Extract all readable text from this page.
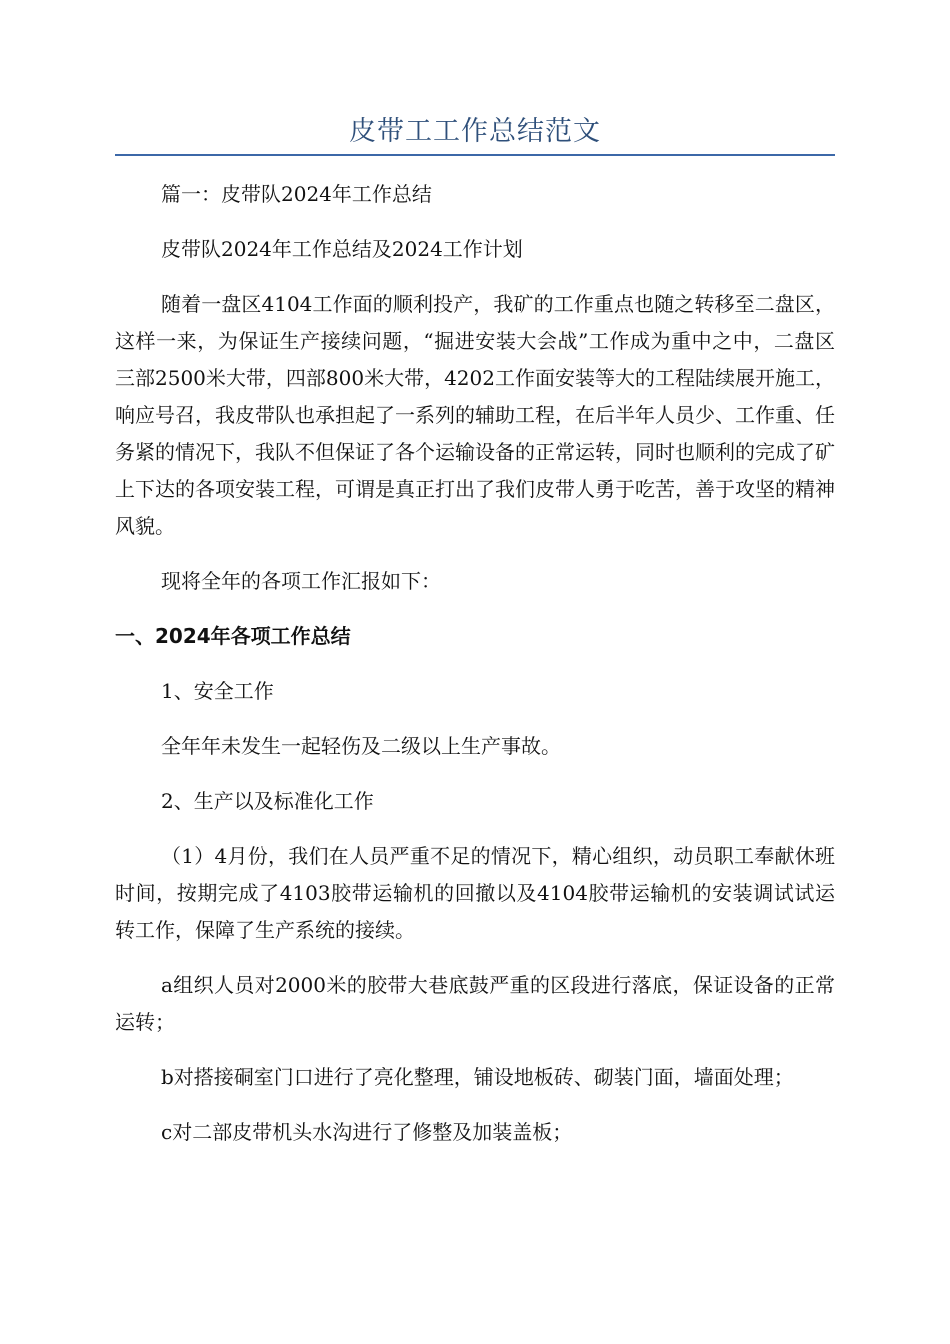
皮带工工作总结范文

篇一：皮带队2024年工作总结

皮带队2024年工作总结及2024工作计划

随着一盘区4104工作面的顺利投产，我矿的工作重点也随之转移至二盘区，这样一来，为保证生产接续问题，“掘进安装大会战”工作成为重中之中，二盘区三部2500米大带，四部800米大带，4202工作面安装等大的工程陆续展开施工，响应号召，我皮带队也承担起了一系列的辅助工程，在后半年人员少、工作重、任务紧的情况下，我队不但保证了各个运输设备的正常运转，同时也顺利的完成了矿上下达的各项安装工程，可谓是真正打出了我们皮带人勇于吃苦，善于攻坚的精神风貌。

现将全年的各项工作汇报如下：

一、2024年各项工作总结

1、安全工作

全年年未发生一起轻伤及二级以上生产事故。

2、生产以及标准化工作

（1）4月份，我们在人员严重不足的情况下，精心组织，动员职工奉献休班时间，按期完成了4103胶带运输机的回撤以及4104胶带运输机的安装调试试运转工作，保障了生产系统的接续。

a组织人员对2000米的胶带大巷底鼓严重的区段进行落底，保证设备的正常运转；

b对搭接硐室门口进行了亮化整理，铺设地板砖、砌装门面，墙面处理；

c对二部皮带机头水沟进行了修整及加装盖板；
